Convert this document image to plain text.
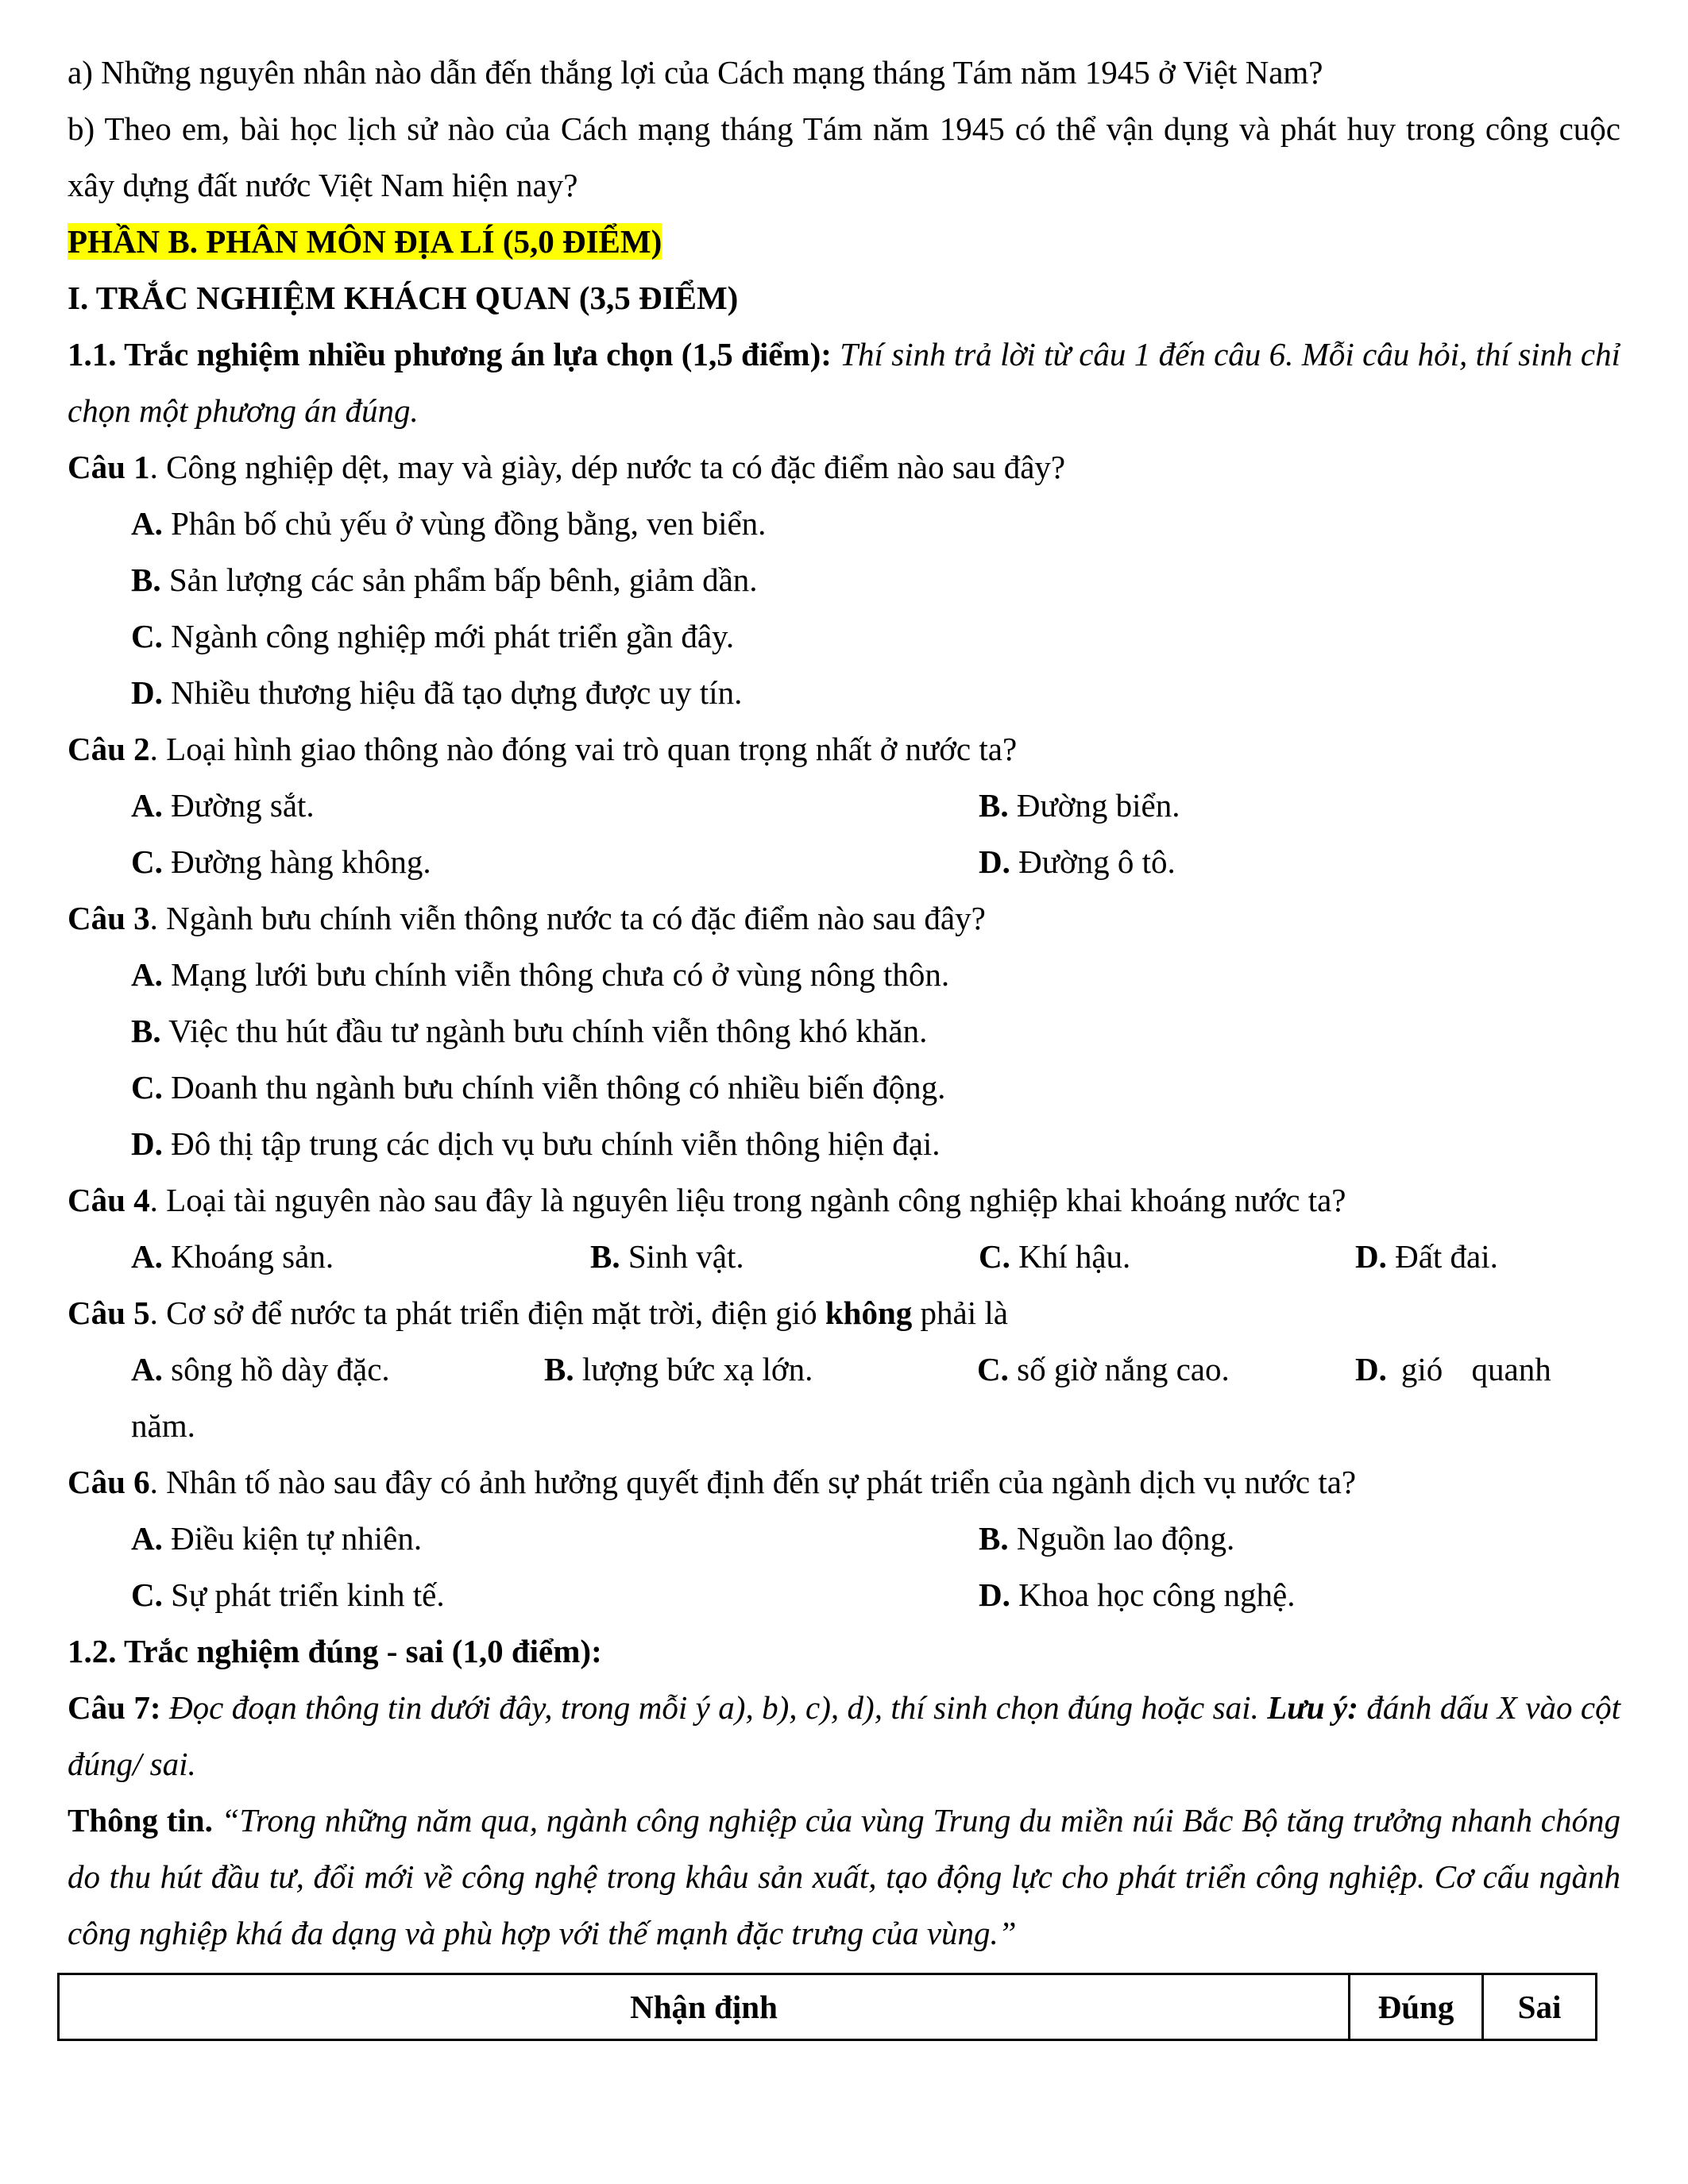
a) Những nguyên nhân nào dẫn đến thắng lợi của Cách mạng tháng Tám năm 1945 ở Việt Nam?

b) Theo em, bài học lịch sử nào của Cách mạng tháng Tám năm 1945 có thể vận dụng và phát huy trong công cuộc xây dựng đất nước Việt Nam hiện nay?

PHẦN B. PHÂN MÔN ĐỊA LÍ (5,0 ĐIỂM)

I. TRẮC NGHIỆM KHÁCH QUAN (3,5 ĐIỂM)

1.1. Trắc nghiệm nhiều phương án lựa chọn (1,5 điểm): Thí sinh trả lời từ câu 1 đến câu 6. Mỗi câu hỏi, thí sinh chỉ chọn một phương án đúng.

Câu 1. Công nghiệp dệt, may và giày, dép nước ta có đặc điểm nào sau đây?

A. Phân bố chủ yếu ở vùng đồng bằng, ven biển.

B. Sản lượng các sản phẩm bấp bênh, giảm dần.

C. Ngành công nghiệp mới phát triển gần đây.

D. Nhiều thương hiệu đã tạo dựng được uy tín.

Câu 2. Loại hình giao thông nào đóng vai trò quan trọng nhất ở nước ta?

A. Đường sắt.	B. Đường biển.
C. Đường hàng không.	D. Đường ô tô.

Câu 3. Ngành bưu chính viễn thông nước ta có đặc điểm nào sau đây?

A. Mạng lưới bưu chính viễn thông chưa có ở vùng nông thôn.

B. Việc thu hút đầu tư ngành bưu chính viễn thông khó khăn.

C. Doanh thu ngành bưu chính viễn thông có nhiều biến động.

D. Đô thị tập trung các dịch vụ bưu chính viễn thông hiện đại.

Câu 4. Loại tài nguyên nào sau đây là nguyên liệu trong ngành công nghiệp khai khoáng nước ta?

A. Khoáng sản.	B. Sinh vật.	C. Khí hậu.	D. Đất đai.

Câu 5. Cơ sở để nước ta phát triển điện mặt trời, điện gió không phải là

A. sông hồ dày đặc.	B. lượng bức xạ lớn.	C. số giờ nắng cao.	D. gió quanh

năm.

Câu 6. Nhân tố nào sau đây có ảnh hưởng quyết định đến sự phát triển của ngành dịch vụ nước ta?

A. Điều kiện tự nhiên.	B. Nguồn lao động.
C. Sự phát triển kinh tế.	D. Khoa học công nghệ.

1.2. Trắc nghiệm đúng - sai (1,0 điểm):

Câu 7: Đọc đoạn thông tin dưới đây, trong mỗi ý a), b), c), d), thí sinh chọn đúng hoặc sai. Lưu ý: đánh dấu X vào cột đúng/ sai.

Thông tin. “Trong những năm qua, ngành công nghiệp của vùng Trung du miền núi Bắc Bộ tăng trưởng nhanh chóng do thu hút đầu tư, đổi mới về công nghệ trong khâu sản xuất, tạo động lực cho phát triển công nghiệp. Cơ cấu ngành công nghiệp khá đa dạng và phù hợp với thế mạnh đặc trưng của vùng.”

Nhận định	Đúng	Sai
